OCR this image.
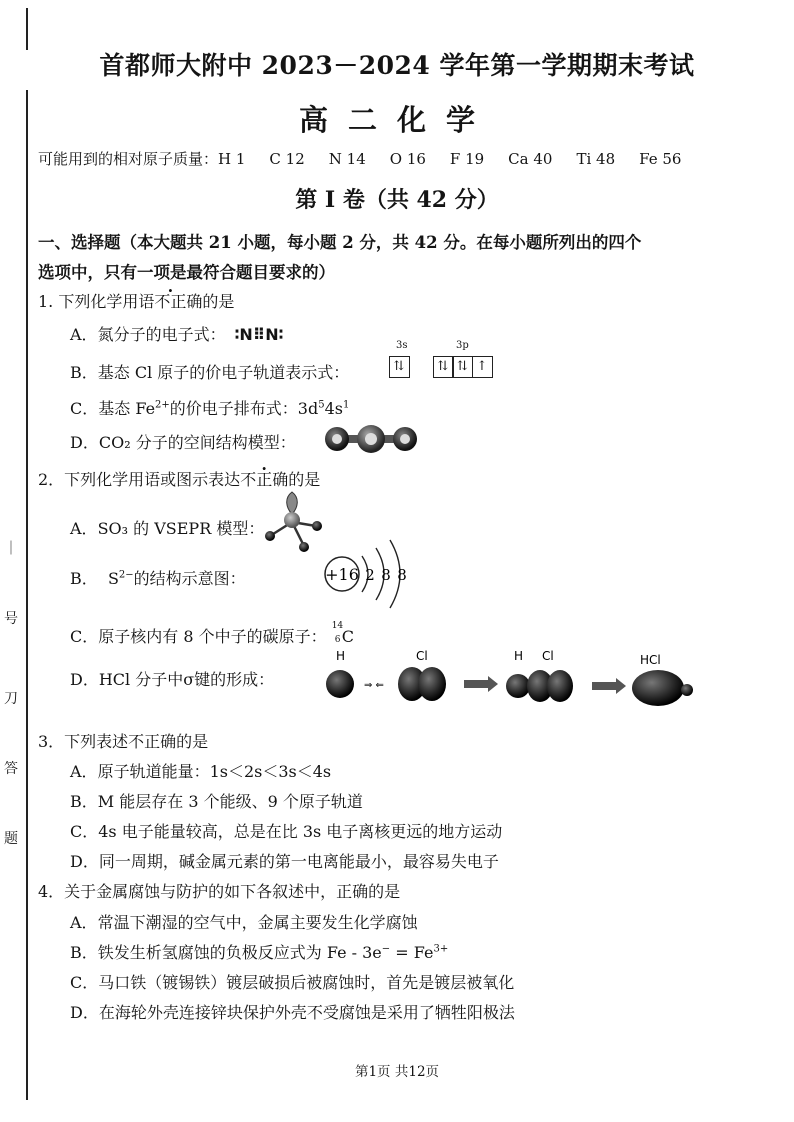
｜
号
刀
答
题
首都师大附中 2023－2024 学年第一学期期末考试
高二化学
可能用到的相对原子质量：H 1 C 12 N 14 O 16 F 19 Ca 40 Ti 48 Fe 56
第 I 卷（共 42 分）
一、选择题（本大题共 21 小题，每小题 2 分，共 42 分。在每小题所列出的四个
选项中，只有一项是最符合题目要求的）
1. 下列化学用语不正确的是
A．氮分子的电子式： ∶N⠿N∶
B．基态 Cl 原子的价电子轨道表示式：
3s	3p
⇅	⇅ ⇅ ↑
C．基态 $Fe^{2+}$的价电子排布式：$3d^54s^1$
D．CO₂ 分子的空间结构模型：
2．下列化学用语或图示表达不正确的是
A．SO₃ 的 VSEPR 模型：
B． $S^{2-}$的结构示意图：	+16 2 8 8
C．原子核内有 8 个中子的碳原子：
14
6 C
D．HCl 分子中σ键的形成：
H
⇒ ⇐
Cl	H Cl	HCl
3．下列表述不正确的是
A．原子轨道能量：1s＜2s＜3s＜4s
B．M 能层存在 3 个能级、9 个原子轨道
C．4s 电子能量较高，总是在比 3s 电子离核更远的地方运动
D．同一周期，碱金属元素的第一电离能最小，最容易失电子
4．关于金属腐蚀与防护的如下各叙述中，正确的是
A．常温下潮湿的空气中，金属主要发生化学腐蚀
B．铁发生析氢腐蚀的负极反应式为 $Fe - 3e^- = Fe^{3+}$
C．马口铁（镀锡铁）镀层破损后被腐蚀时，首先是镀层被氧化
D．在海轮外壳连接锌块保护外壳不受腐蚀是采用了牺牲阳极法
第1页 共12页
